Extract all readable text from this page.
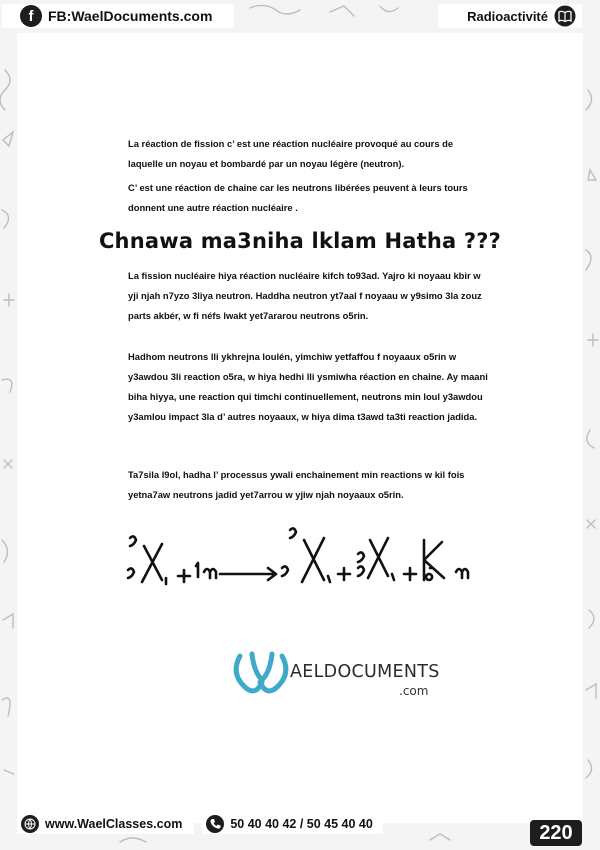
f	FB:WaelDocuments.com	Radioactivité
La réaction de fission c’ est une réaction nucléaire provoqué au cours de laquelle un noyau et bombardé par un noyau légère (neutron).
C’ est une réaction de chaine car les neutrons libérées peuvent à leurs tours donnent une autre réaction nucléaire .
Chnawa ma3niha lklam Hatha ???
La fission nucléaire hiya réaction nucléaire kifch to93ad. Yajro ki noyaau kbir w yji njah n7yzo 3liya neutron. Haddha neutron yt7aal f noyaau w y9simo 3la zouz parts akbér, w fi néfs lwakt yet7ararou neutrons o5rin.
Hadhom neutrons lli ykhrejna loulén, yimchiw yetfaffou f noyaaux o5rin w y3awdou 3li reaction o5ra, w hiya hedhi lli ysmiwha réaction en chaine. Ay maani biha hiyya, une reaction qui timchi continuellement, neutrons min loul y3awdou y3amlou impact 3la d’ autres noyaaux, w hiya dima t3awd ta3ti reaction jadida.
Ta7sila l9ol, hadha l’ processus ywali enchainement min reactions w kil fois yetna7aw neutrons jadid yet7arrou w yjiw njah noyaaux o5rin.
AELDOCUMENTS
.com
www.WaelClasses.com	50 40 40 42 / 50 45 40 40	220
